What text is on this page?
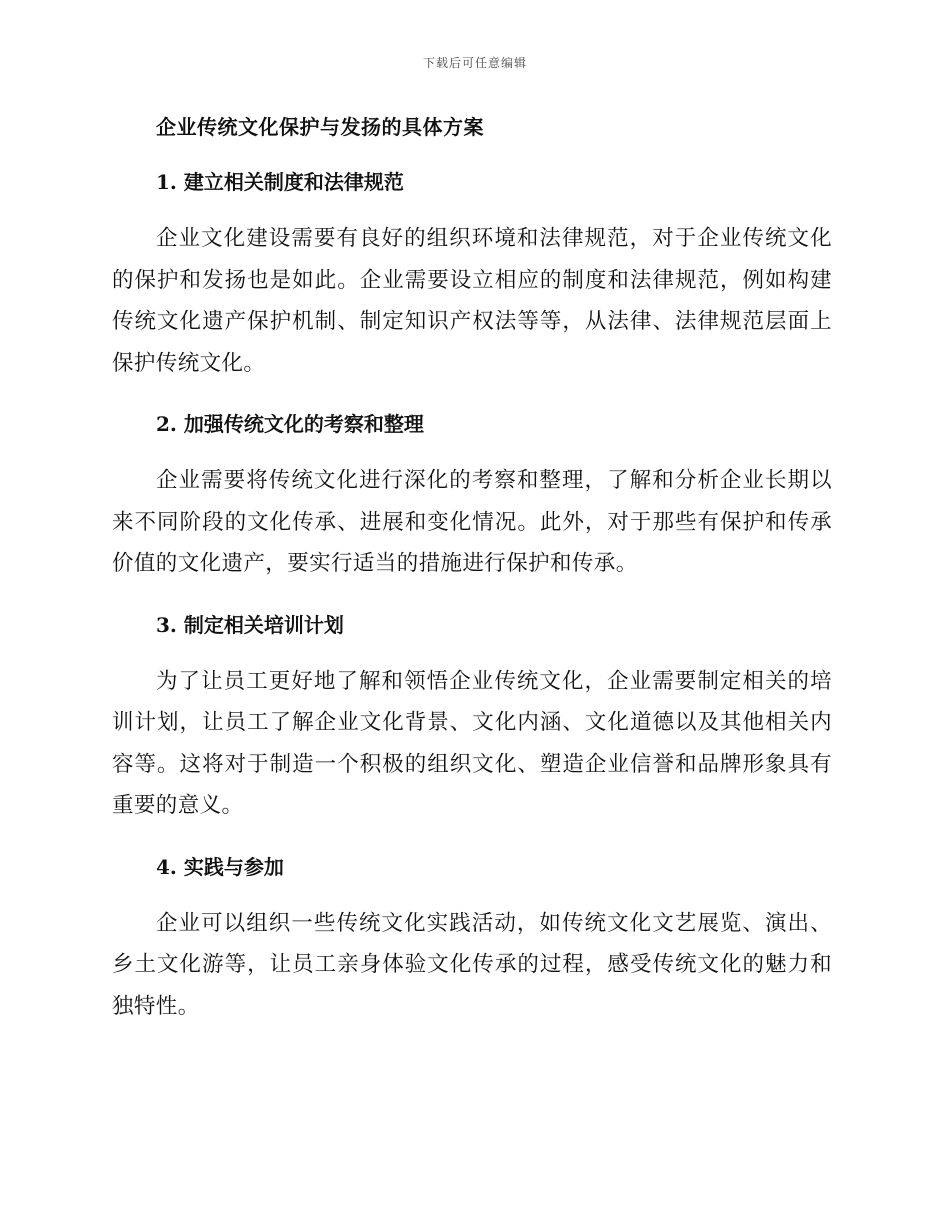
下载后可任意编辑
企业传统文化保护与发扬的具体方案
1. 建立相关制度和法律规范

企业文化建设需要有良好的组织环境和法律规范，对于企业传统文化的保护和发扬也是如此。企业需要设立相应的制度和法律规范，例如构建传统文化遗产保护机制、制定知识产权法等等，从法律、法律规范层面上保护传统文化。

2. 加强传统文化的考察和整理

企业需要将传统文化进行深化的考察和整理，了解和分析企业长期以来不同阶段的文化传承、进展和变化情况。此外，对于那些有保护和传承价值的文化遗产，要实行适当的措施进行保护和传承。

3. 制定相关培训计划

为了让员工更好地了解和领悟企业传统文化，企业需要制定相关的培训计划，让员工了解企业文化背景、文化内涵、文化道德以及其他相关内容等。这将对于制造一个积极的组织文化、塑造企业信誉和品牌形象具有重要的意义。

4. 实践与参加

企业可以组织一些传统文化实践活动，如传统文化文艺展览、演出、乡土文化游等，让员工亲身体验文化传承的过程，感受传统文化的魅力和独特性。
